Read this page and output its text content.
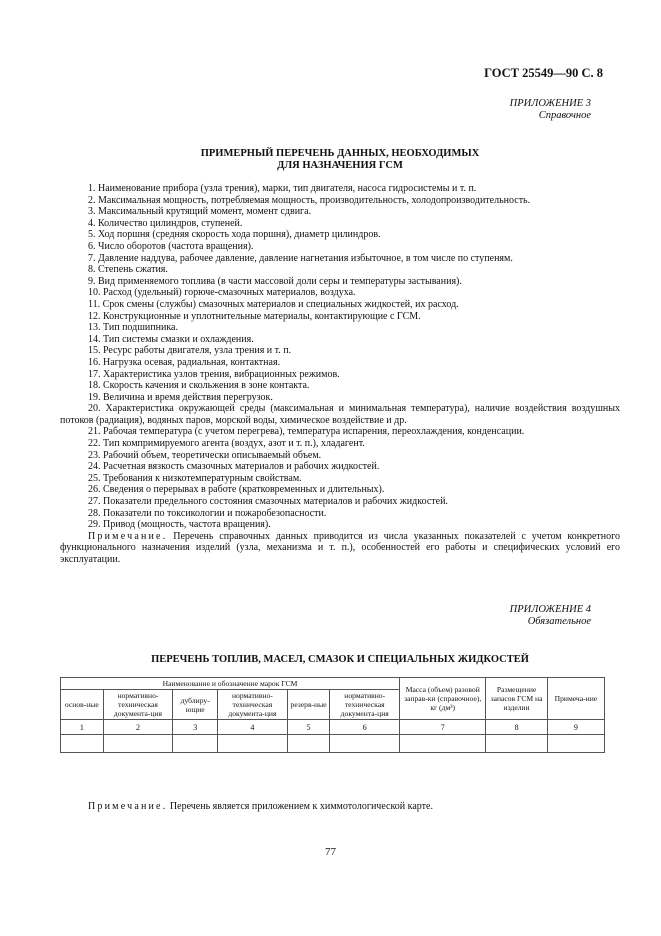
ГОСТ 25549—90 С. 8
ПРИЛОЖЕНИЕ 3
Справочное
ПРИМЕРНЫЙ ПЕРЕЧЕНЬ ДАННЫХ, НЕОБХОДИМЫХ
ДЛЯ НАЗНАЧЕНИЯ ГСМ
1. Наименование прибора (узла трения), марки, тип двигателя, насоса гидросистемы и т. п.
2. Максимальная мощность, потребляемая мощность, производительность, холодопроизводительность.
3. Максимальный крутящий момент, момент сдвига.
4. Количество цилиндров, ступеней.
5. Ход поршня (средняя скорость хода поршня), диаметр цилиндров.
6. Число оборотов (частота вращения).
7. Давление наддува, рабочее давление, давление нагнетания избыточное, в том числе по ступеням.
8. Степень сжатия.
9. Вид применяемого топлива (в части массовой доли серы и температуры застывания).
10. Расход (удельный) горюче-смазочных материалов, воздуха.
11. Срок смены (службы) смазочных материалов и специальных жидкостей, их расход.
12. Конструкционные и уплотнительные материалы, контактирующие с ГСМ.
13. Тип подшипника.
14. Тип системы смазки и охлаждения.
15. Ресурс работы двигателя, узла трения и т. п.
16. Нагрузка осевая, радиальная, контактная.
17. Характеристика узлов трения, вибрационных режимов.
18. Скорость качения и скольжения в зоне контакта.
19. Величина и время действия перегрузок.
20. Характеристика окружающей среды (максимальная и минимальная температура), наличие воздействия воздушных потоков (радиация), водяных паров, морской воды, химическое воздействие и др.
21. Рабочая температура (с учетом перегрева), температура испарения, переохлаждения, конденсации.
22. Тип компримируемого агента (воздух, азот и т. п.), хладагент.
23. Рабочий объем, теоретически описываемый объем.
24. Расчетная вязкость смазочных материалов и рабочих жидкостей.
25. Требования к низкотемпературным свойствам.
26. Сведения о перерывах в работе (кратковременных и длительных).
27. Показатели предельного состояния смазочных материалов и рабочих жидкостей.
28. Показатели по токсикологии и пожаробезопасности.
29. Привод (мощность, частота вращения).
Примечание. Перечень справочных данных приводится из числа указанных показателей с учетом конкретного функционального назначения изделий (узла, механизма и т. п.), особенностей его работы и специфических условий его эксплуатации.
ПРИЛОЖЕНИЕ 4
Обязательное
ПЕРЕЧЕНЬ ТОПЛИВ, МАСЕЛ, СМАЗОК И СПЕЦИАЛЬНЫХ ЖИДКОСТЕЙ
Наименование и обозначение марок ГСМ						Масса (объем) разовой заправ-ки (справочное), кг (дм³)	Размещение запасов ГСМ на изделии	Примеча-ние
основ-ные	нормативно-техническая документа-ция	дублиру-ющие	нормативно-техническая документа-ция	резерв-ные	нормативно-техническая документа-ция			
1	2	3	4	5	6	7	8	9

Примечание. Перечень является приложением к химмотологической карте.
77
